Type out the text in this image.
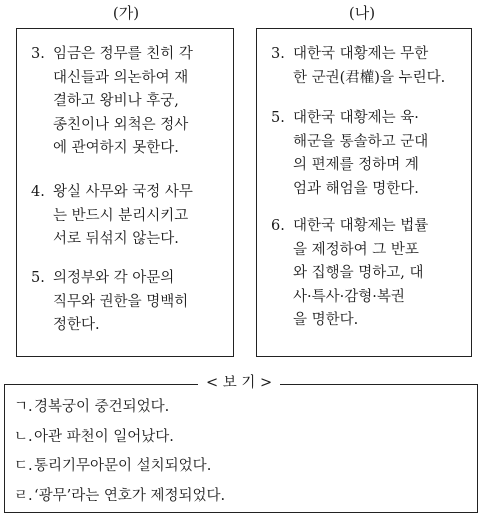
(가)	(나)
3. 임금은 정무를 친히 각
대신들과 의논하여 재
결하고 왕비나 후궁,
종친이나 외척은 정사
에 관여하지 못한다.
4. 왕실 사무와 국정 사무
는 반드시 분리시키고
서로 뒤섞지 않는다.
5. 의정부와 각 아문의
직무와 권한을 명백히
정한다.
3. 대한국 대황제는 무한
한 군권(君權)을 누린다.
5. 대한국 대황제는 육·
해군을 통솔하고 군대
의 편제를 정하며 계
엄과 해엄을 명한다.
6. 대한국 대황제는 법률
을 제정하여 그 반포
와 집행을 명하고, 대
사·특사·감형·복권
을 명한다.
< 보 기 >
ㄱ.경복궁이 중건되었다.
ㄴ.아관 파천이 일어났다.
ㄷ.통리기무아문이 설치되었다.
ㄹ.‘광무’라는 연호가 제정되었다.
